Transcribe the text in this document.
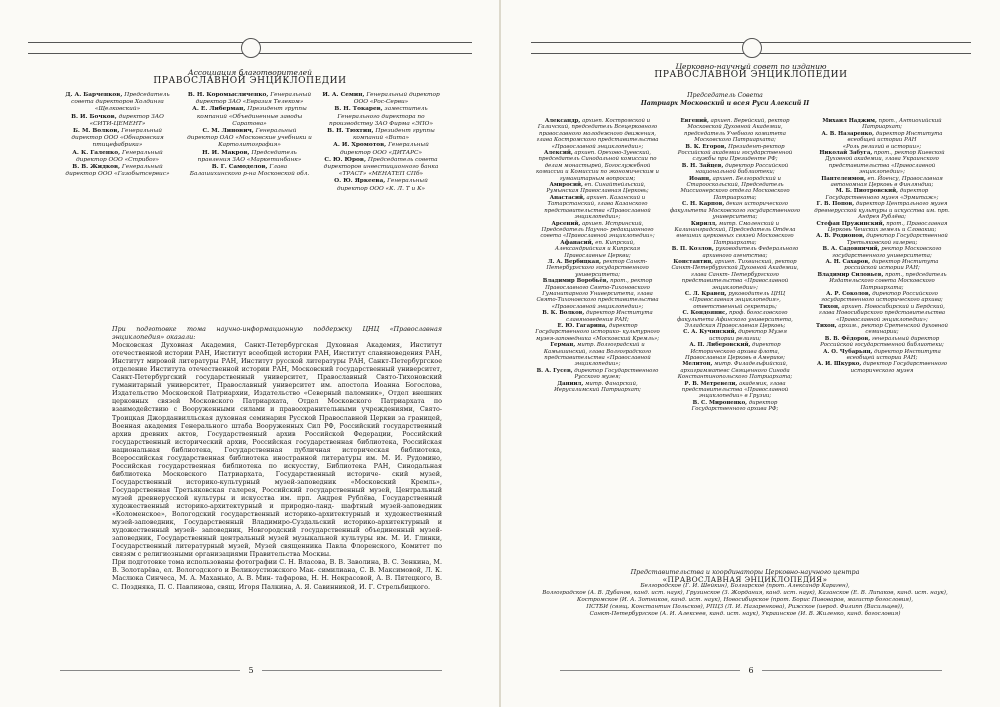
Ассоциация благотворителей
ПРАВОСЛАВНОЙ ЭНЦИКЛОПЕДИИ
Д. А. Барченков, Председатель совета директоров Холдинга «Щелковский»
В. И. Бочков, директор ЗАО «СИТИ-ЦЕМЕНТ»
Б. М. Волков, Генеральный директор ООО «Обнаровская птицефабрика»
А. К. Галенко, Генеральный директор ООО «Стрибог»
В. В. Жидков, Генеральный директор ООО «Газобытсервис»
В. Н. Коромысличенко, Генеральный директор ЗАО «Евразия Телеком»
А. Е. Либерман, Президент группы компаний «Объединенные заводы Саратова»
С. М. Линович, Генеральный директор ОАО «Московские учебники и Картолитография»
Н. И. Макров, Председатель правления ЗАО «Маркетинбанк»
В. Г. Самоделов, Глава Балашихинского р-на Московской обл.
И. А. Семин, Генеральный директор ООО «Рос-Серви»
В. Н. Токарев, заместитель Генерального директора по производству ЗАО Фирма «ЭПО»
В. Н. Тюхтин, Президент группы компаний «Вита»
А. И. Хромотов, Генеральный директор ООО «ДИТАРС»
С. Ю. Юров, Председатель совета директоров инвестиционного банка «ТРАСТ» «МЕНАТЕП СПб»
О. Ю. Яркеева, Генеральный директор ООО «К. Л. Т и К»

При подготовке тома научно-информационную поддержку ЦНЦ «Православная энциклопедия» оказали:

Московская Духовная Академия, Санкт-Петербургская Духовная Академия, Институт отечественной истории РАН, Институт всеобщей истории РАН, Институт славяноведения РАН, Институт мировой литературы РАН, Институт русской литературы РАН, Санкт-Петербургское отделение Института отечественной истории РАН, Московский государственный университет, Санкт-Петербургский государственный университет, Православный Свято-Тихоновский гуманитарный университет, Православный университет им. апостола Иоанна Богослова, Издательство Московской Патриархии, Издательство «Северный паломник», Отдел внешних церковных связей Московского Патриархата, Отдел Московского Патриархата по взаимодействию с Вооруженными силами и правоохранительными учреждениями, Свято-Троицкая Джорданвилльская духовная семинария Русской Православной Церкви за границей, Военная академия Генерального штаба Вооруженных Сил РФ, Российский государственный архив древних актов, Государственный архив Российской Федерации, Российский государственный исторический архив, Российская государственная библиотека, Российская национальная библиотека, Государственная публичная историческая библиотека, Всероссийская государственная библиотека иностранной литературы им. М. И. Рудомино, Российская государственная библиотека по искусству, Библиотека РАН, Синодальная библиотека Московского Патриархата, Государственный историче- ский музей, Государственный историко-культурный музей-заповедник «Московский Кремль», Государственная Третьяковская галерея, Российский государственный музей, Центральный музей древнерусской культуры и искусства им. прп. Андрея Рублёва, Государственный художественный историко-архитектурный и природно-ланд- шафтный музей-заповедник «Коломенское», Вологодский государственный историко-архитектурный и художественный музей-заповедник, Государственный Владимиро-Суздальский историко-архитектурный и художественный музей- заповедник, Новгородский государственный объединенный музей-заповедник, Государственный центральный музей музыкальной культуры им. М. И. Глинки, Государственный литературный музей, Музей священника Павла Флоренского, Комитет по связям с религиозными организациями Правительства Москвы.

При подготовке тома использованы фотографии С. Н. Власова, В. В. Заволина, В. С. Зенкина, М. В. Золотарёва, ел. Вологодского и Великоустюжского Мак- симилиана, С. В. Максимовой, Л. К. Маслюка Синчеса, М. А. Маханько, А. В. Мин- тафарова, Н. Н. Некрасовой, А. В. Пятецкого, В. С. Поздняка, П. С. Павлинова, свящ. Игоря Палкина, А. Я. Савинникой, И. Г. Стрельбицкого.

5
Церковно-научный совет по изданию
ПРАВОСЛАВНОЙ ЭНЦИКЛОПЕДИИ
Председатель Совета
Патриарх Московский и всея Руси Алексий II
Александр, архиеп. Костромской и Галичский, председатель Всецерковного православного молодежного движения, глава Костромского представительства «Православной энциклопедии»;
Алексий, архиеп. Орехово-Зуевский, председатель Синодальной комиссии по делам монастырей, Богослужебной комиссии и Комиссии по экономическим и гуманитарным вопросам;
Амвросий, еп. Синайтейльский, Румынская Православная Церковь;
Анастасий, архиеп. Казанский и Татарстанский, глава Казанского представительства «Православной энциклопедии»;
Арсений, архиеп. Истринский, Председатель Научно- редакционного совета «Православной энциклопедии»;
Афанасий, еп. Кипрский, Александрийская и Кипрская Православные Церкви;
Л. А. Вербицкая, ректор Санкт-Петербургского государственного университета;
Владимир Воробьёв, прот., ректор Православного Свято-Тихоновского Гуманитарного Университета, глава Свято-Тихоновского представительства «Православной энциклопедии»;
В. К. Волков, директор Института славяноведения РАН;
Е. Ю. Гагарина, директор Государственного историко- культурного музея-заповедника «Московский Кремль»;
Герман, митр. Волгоградский и Камышинский, глава Волгоградского представительства «Православной энциклопедии»;
В. А. Гусев, директор Государственного Русского музея;
Даниил, митр. Фанарский, Иерусалимский Патриархат;
Евгений, архиеп. Верейский, ректор Московской Духовной Академии, председатель Учебного комитета Московского Патриархата;
В. К. Егоров, Президент-ректор Российской академии государственной службы при Президенте РФ;
В. Н. Зайцев, директор Российской национальной библиотеки;
Иоанн, архиеп. Белгородский и Старооскольский, Председатель Миссионерского отдела Московского Патриархата;
С. Н. Карпов, декан исторического факультета Московского государственного университета;
Кирилл, митр. Смоленский и Калининградский, Председатель Отдела внешних церковных связей Московского Патриархата;
В. П. Козлов, руководитель Федерального архивного агентства;
Константин, архиеп. Тихвинский, ректор Санкт-Петербургской Духовной Академии, глава Санкт- Петербургского представительства «Православной энциклопедии»;
С. Л. Кравец, руководитель ЦНЦ «Православная энциклопедия», ответственный секретарь;
С. Кондоянис, проф. богословского факультета Афинского университета, Элладская Православная Церковь;
С. А. Кучинский, директор Музея истории религии;
А. П. Либеровский, директор Исторического архива флота, Православная Церковь в Америке;
Мелитон, митр. Филадельфийский, архиграмматевс Священного Синода Константинопольского Патриархата;
Р. В. Метревели, академик, глава представительства «Православной энциклопедии» в Грузии;
В. С. Мироненко, директор Государственного архива РФ;
Михаил Наджим, прот., Антиохийский Патриархат;
А. В. Назаренко, директор Института всеобщей истории РАН
«Роль религий в истории»;
Николай Забуга, прот., ректор Киевской Духовной академии, глава Украинского представительства «Православной энциклопедии»;
Пантелеимон, еп. Йоенсу, Православная автономная Церковь в Финляндии;
М. Б. Пиотровский, директор Государственного музея «Эрмитаж»;
Г. В. Попов, директор Центрального музея древнерусской культуры и искусства им. прп. Андрея Рублёва;
Стефан Пружинский, прот., Православная Церковь Чешских земель и Словакии;
А. В. Родионов, директор Государственной Третьяковской галереи;
В. А. Садовничий, ректор Московского государственного университета;
А. Н. Сахаров, директор Института российской истории РАН;
Владимир Силовьев, прот., председатель Издательского совета Московского Патриархата;
А. Р. Соколов, директор Российского государственного исторического архива;
Тихон, архиеп. Новосибирский и Бердский, глава Новосибирского представительства «Православной энциклопедии»;
Тихон, архим., ректор Сретенской духовной семинарии;
В. В. Фёдоров, генеральный директор Российской государственной библиотеки;
А. О. Чубарьян, директор Института всеобщей истории РАН;
А. И. Шкурко, директор Государственного исторического музея
Представительства и координаторы Церковно-научного центра
«ПРАВОСЛАВНАЯ ЭНЦИКЛОПЕДИЯ»
Белгородское (Г. И. Шейкин), Болгарское (прот. Александр Караген),
Волгоградское (А. В. Дубанов, канд. ист. наук), Грузинское (З. Жордания, канд. ист. наук), Казанское (Е. В. Липаков, канд. ист. наук),
Костромское (И. А. Зотников, канд. ист. наук), Новосибирское (прот. Борис Пивоваров, магистр богословия),
ПСТБИ (свящ. Константин Польсков), РПЦЗ (Л. И. Назаренкова), Рижское (иерод. Филипп (Васильцев)),
Санкт-Петербургское (А. И. Алексеев, канд. ист. наук), Украинское (И. В. Жиленко, канд. богословия)
6
